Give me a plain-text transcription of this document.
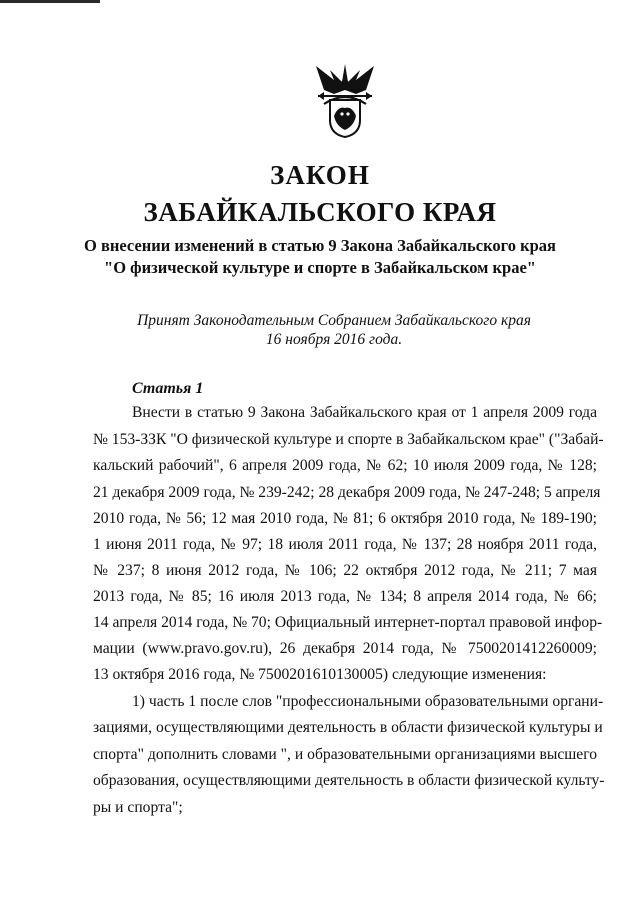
ЗАКОН
ЗАБАЙКАЛЬСКОГО КРАЯ
О внесении изменений в статью 9 Закона Забайкальского края
"О физической культуре и спорте в Забайкальском крае"
Принят Законодательным Собранием Забайкальского края
16 ноября 2016 года.
Статья 1
Внести в статью 9 Закона Забайкальского края от 1 апреля 2009 года
№ 153-ЗЗК "О физической культуре и спорте в Забайкальском крае" ("Забай-
кальский рабочий", 6 апреля 2009 года, № 62; 10 июля 2009 года, № 128;
21 декабря 2009 года, № 239-242; 28 декабря 2009 года, № 247-248; 5 апреля
2010 года, № 56; 12 мая 2010 года, № 81; 6 октября 2010 года, № 189-190;
1 июня 2011 года, № 97; 18 июля 2011 года, № 137; 28 ноября 2011 года,
№ 237; 8 июня 2012 года, № 106; 22 октября 2012 года, № 211; 7 мая
2013 года, № 85; 16 июля 2013 года, № 134; 8 апреля 2014 года, № 66;
14 апреля 2014 года, № 70; Официальный интернет-портал правовой инфор-
мации (www.pravo.gov.ru), 26 декабря 2014 года, № 7500201412260009;
13 октября 2016 года, № 7500201610130005) следующие изменения:
1) часть 1 после слов "профессиональными образовательными органи-
зациями, осуществляющими деятельность в области физической культуры и
спорта" дополнить словами ", и образовательными организациями высшего
образования, осуществляющими деятельность в области физической культу-
ры и спорта";
